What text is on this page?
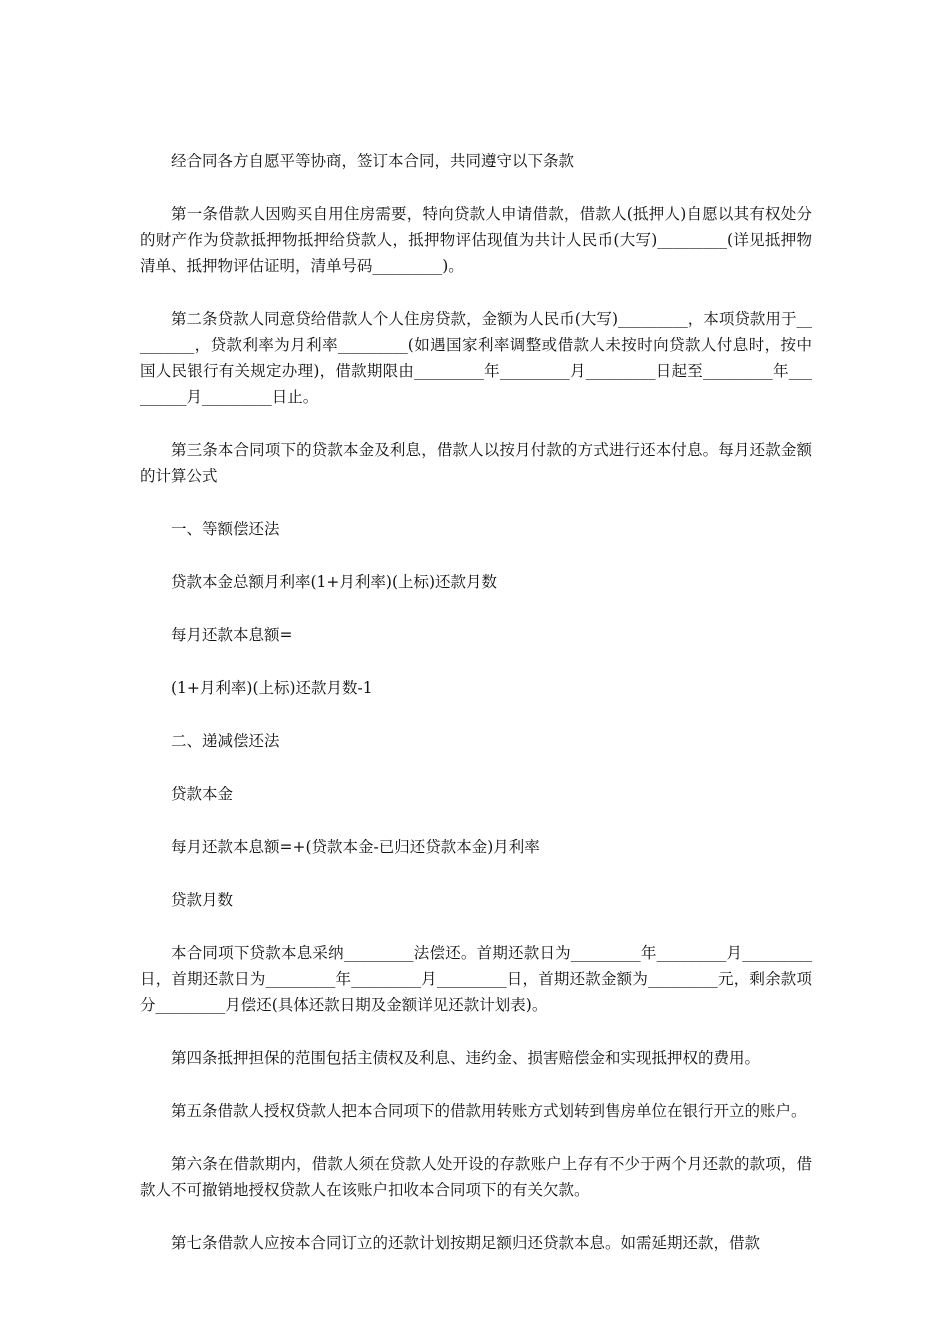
经合同各方自愿平等协商，签订本合同，共同遵守以下条款

第一条借款人因购买自用住房需要，特向贷款人申请借款，借款人(抵押人)自愿以其有权处分的财产作为贷款抵押物抵押给贷款人，抵押物评估现值为共计人民币(大写)_________(详见抵押物清单、抵押物评估证明，清单号码_________)。

第二条贷款人同意贷给借款人个人住房贷款，金额为人民币(大写)_________，本项贷款用于_________，贷款利率为月利率_________(如遇国家利率调整或借款人未按时向贷款人付息时，按中国人民银行有关规定办理)，借款期限由_________年_________月_________日起至_________年_________月_________日止。

第三条本合同项下的贷款本金及利息，借款人以按月付款的方式进行还本付息。每月还款金额的计算公式

一、等额偿还法

贷款本金总额月利率(1+月利率)(上标)还款月数

每月还款本息额=

(1+月利率)(上标)还款月数-1

二、递减偿还法

贷款本金

每月还款本息额=+(贷款本金-已归还贷款本金)月利率

贷款月数

本合同项下贷款本息采纳_________法偿还。首期还款日为_________年_________月_________日，首期还款日为_________年_________月_________日，首期还款金额为_________元，剩余款项分_________月偿还(具体还款日期及金额详见还款计划表)。

第四条抵押担保的范围包括主债权及利息、违约金、损害赔偿金和实现抵押权的费用。

第五条借款人授权贷款人把本合同项下的借款用转账方式划转到售房单位在银行开立的账户。

第六条在借款期内，借款人须在贷款人处开设的存款账户上存有不少于两个月还款的款项，借款人不可撤销地授权贷款人在该账户扣收本合同项下的有关欠款。

第七条借款人应按本合同订立的还款计划按期足额归还贷款本息。如需延期还款，借款
